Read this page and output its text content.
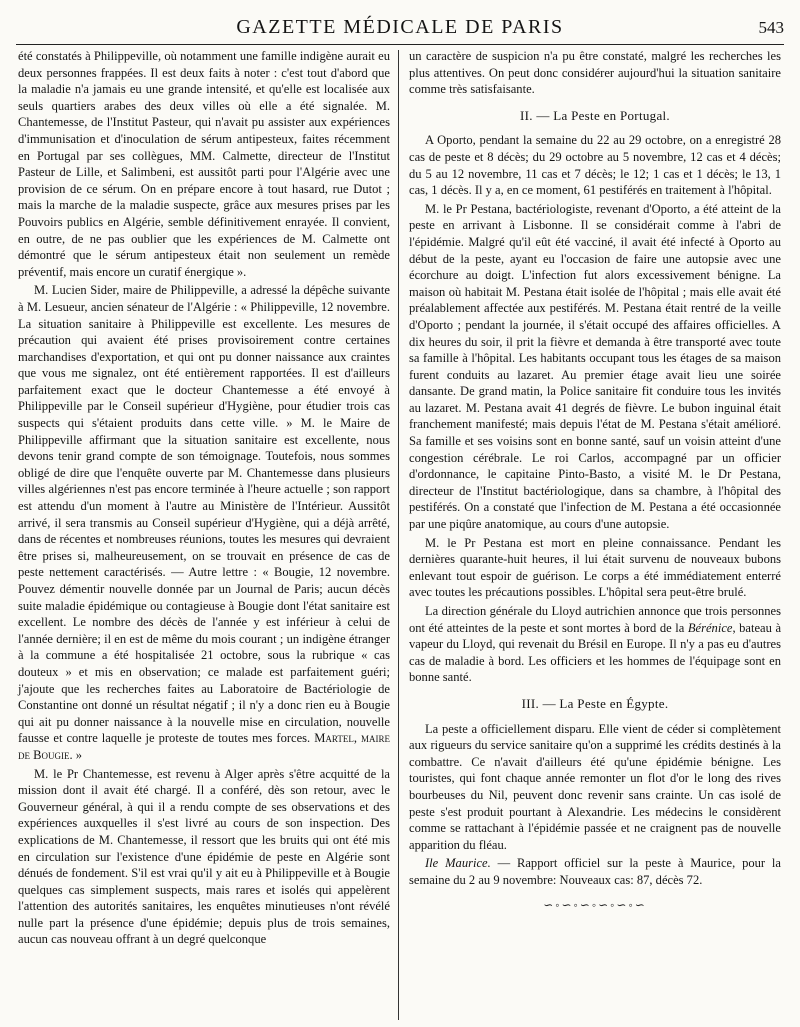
GAZETTE MÉDICALE DE PARIS	543

été constatés à Philippeville, où notamment une famille indigène aurait eu deux personnes frappées. Il est deux faits à noter : c'est tout d'abord que la maladie n'a jamais eu une grande intensité, et qu'elle est localisée aux seuls quartiers arabes des deux villes où elle a été signalée. M. Chantemesse, de l'Institut Pasteur, qui n'avait pu assister aux expériences d'immunisation et d'inoculation de sérum antipesteux, faites récemment en Portugal par ses collègues, MM. Calmette, directeur de l'Institut Pasteur de Lille, et Salimbeni, est aussitôt parti pour l'Algérie avec une provision de ce sérum. On en prépare encore à tout hasard, rue Dutot ; mais la marche de la maladie suspecte, grâce aux mesures prises par les Pouvoirs publics en Algérie, semble définitivement enrayée. Il convient, en outre, de ne pas oublier que les expériences de M. Calmette ont démontré que le sérum antipesteux était non seulement un remède préventif, mais encore un curatif énergique ».

M. Lucien Sider, maire de Philippeville, a adressé la dépêche suivante à M. Lesueur, ancien sénateur de l'Algérie : « Philippeville, 12 novembre. La situation sanitaire à Philippeville est excellente. Les mesures de précaution qui avaient été prises provisoirement contre certaines marchandises d'exportation, et qui ont pu donner naissance aux craintes que vous me signalez, ont été entièrement rapportées. Il est d'ailleurs parfaitement exact que le docteur Chantemesse a été envoyé à Philippeville par le Conseil supérieur d'Hygiène, pour étudier trois cas suspects qui s'étaient produits dans cette ville. » M. le Maire de Philippeville affirmant que la situation sanitaire est excellente, nous devons tenir grand compte de son témoignage. Toutefois, nous sommes obligé de dire que l'enquête ouverte par M. Chantemesse dans plusieurs villes algériennes n'est pas encore terminée à l'heure actuelle ; son rapport est attendu d'un moment à l'autre au Ministère de l'Intérieur. Aussitôt arrivé, il sera transmis au Conseil supérieur d'Hygiène, qui a déjà arrêté, dans de récentes et nombreuses réunions, toutes les mesures qui devraient être prises si, malheureusement, on se trouvait en présence de cas de peste nettement caractérisés. — Autre lettre : « Bougie, 12 novembre. Pouvez démentir nouvelle donnée par un Journal de Paris; aucun décès suite maladie épidémique ou contagieuse à Bougie dont l'état sanitaire est excellent. Le nombre des décès de l'année y est inférieur à celui de l'année dernière; il en est de même du mois courant ; un indigène étranger à la commune a été hospitalisée 21 octobre, sous la rubrique « cas douteux » et mis en observation; ce malade est parfaitement guéri; j'ajoute que les recherches faites au Laboratoire de Bactériologie de Constantine ont donné un résultat négatif ; il n'y a donc rien eu à Bougie qui ait pu donner naissance à la nouvelle mise en circulation, nouvelle fausse et contre laquelle je proteste de toutes mes forces. Martel, maire de Bougie. »

M. le Pr Chantemesse, est revenu à Alger après s'être acquitté de la mission dont il avait été chargé. Il a conféré, dès son retour, avec le Gouverneur général, à qui il a rendu compte de ses observations et des expériences auxquelles il s'est livré au cours de son inspection. Des explications de M. Chantemesse, il ressort que les bruits qui ont été mis en circulation sur l'existence d'une épidémie de peste en Algérie sont dénués de fondement. S'il est vrai qu'il y ait eu à Philippeville et à Bougie quelques cas simplement suspects, mais rares et isolés qui appelèrent l'attention des autorités sanitaires, les enquêtes minutieuses n'ont révélé nulle part la présence d'une épidémie; depuis plus de trois semaines, aucun cas nouveau offrant à un degré quelconque

un caractère de suspicion n'a pu être constaté, malgré les recherches les plus attentives. On peut donc considérer aujourd'hui la situation sanitaire comme très satisfaisante.

II. — La Peste en Portugal.

A Oporto, pendant la semaine du 22 au 29 octobre, on a enregistré 28 cas de peste et 8 décès; du 29 octobre au 5 novembre, 12 cas et 4 décès; du 5 au 12 novembre, 11 cas et 7 décès; le 12; 1 cas et 1 décès; le 13, 1 cas, 1 décès. Il y a, en ce moment, 61 pestiférés en traitement à l'hôpital.

M. le Pr Pestana, bactériologiste, revenant d'Oporto, a été atteint de la peste en arrivant à Lisbonne. Il se considérait comme à l'abri de l'épidémie. Malgré qu'il eût été vacciné, il avait été infecté à Oporto au début de la peste, ayant eu l'occasion de faire une autopsie avec une écorchure au doigt. L'infection fut alors excessivement bénigne. La maison où habitait M. Pestana était isolée de l'hôpital ; mais elle avait été préalablement affectée aux pestiférés. M. Pestana était rentré de la veille d'Oporto ; pendant la journée, il s'était occupé des affaires officielles. A dix heures du soir, il prit la fièvre et demanda à être transporté avec toute sa famille à l'hôpital. Les habitants occupant tous les étages de sa maison furent conduits au lazaret. Au premier étage avait lieu une soirée dansante. De grand matin, la Police sanitaire fit conduire tous les invités au lazaret. M. Pestana avait 41 degrés de fièvre. Le bubon inguinal était franchement manifesté; mais depuis l'état de M. Pestana s'était amélioré. Sa famille et ses voisins sont en bonne santé, sauf un voisin atteint d'une congestion cérébrale. Le roi Carlos, accompagné par un officier d'ordonnance, le capitaine Pinto-Basto, a visité M. le Dr Pestana, directeur de l'Institut bactériologique, dans sa chambre, à l'hôpital des pestiférés. On a constaté que l'infection de M. Pestana a été occasionnée par une piqûre anatomique, au cours d'une autopsie.

M. le Pr Pestana est mort en pleine connaissance. Pendant les dernières quarante-huit heures, il lui était survenu de nouveaux bubons enlevant tout espoir de guérison. Le corps a été immédiatement enterré avec toutes les précautions possibles. L'hôpital sera peut-être brulé.

La direction générale du Lloyd autrichien annonce que trois personnes ont été atteintes de la peste et sont mortes à bord de la Bérénice, bateau à vapeur du Lloyd, qui revenait du Brésil en Europe. Il n'y a pas eu d'autres cas de maladie à bord. Les officiers et les hommes de l'équipage sont en bonne santé.

III. — La Peste en Égypte.

La peste a officiellement disparu. Elle vient de céder si complètement aux rigueurs du service sanitaire qu'on a supprimé les crédits destinés à la combattre. Ce n'avait d'ailleurs été qu'une épidémie bénigne. Les touristes, qui font chaque année remonter un flot d'or le long des rives bourbeuses du Nil, peuvent donc revenir sans crainte. Un cas isolé de peste s'est produit pourtant à Alexandrie. Les médecins le considèrent comme se rattachant à l'épidémie passée et ne craignent pas de nouvelle apparition du fléau.

Ile Maurice. — Rapport officiel sur la peste à Maurice, pour la semaine du 2 au 9 novembre: Nouveaux cas: 87, décès 72.

∽◦∽◦∽◦∽◦∽◦∽
